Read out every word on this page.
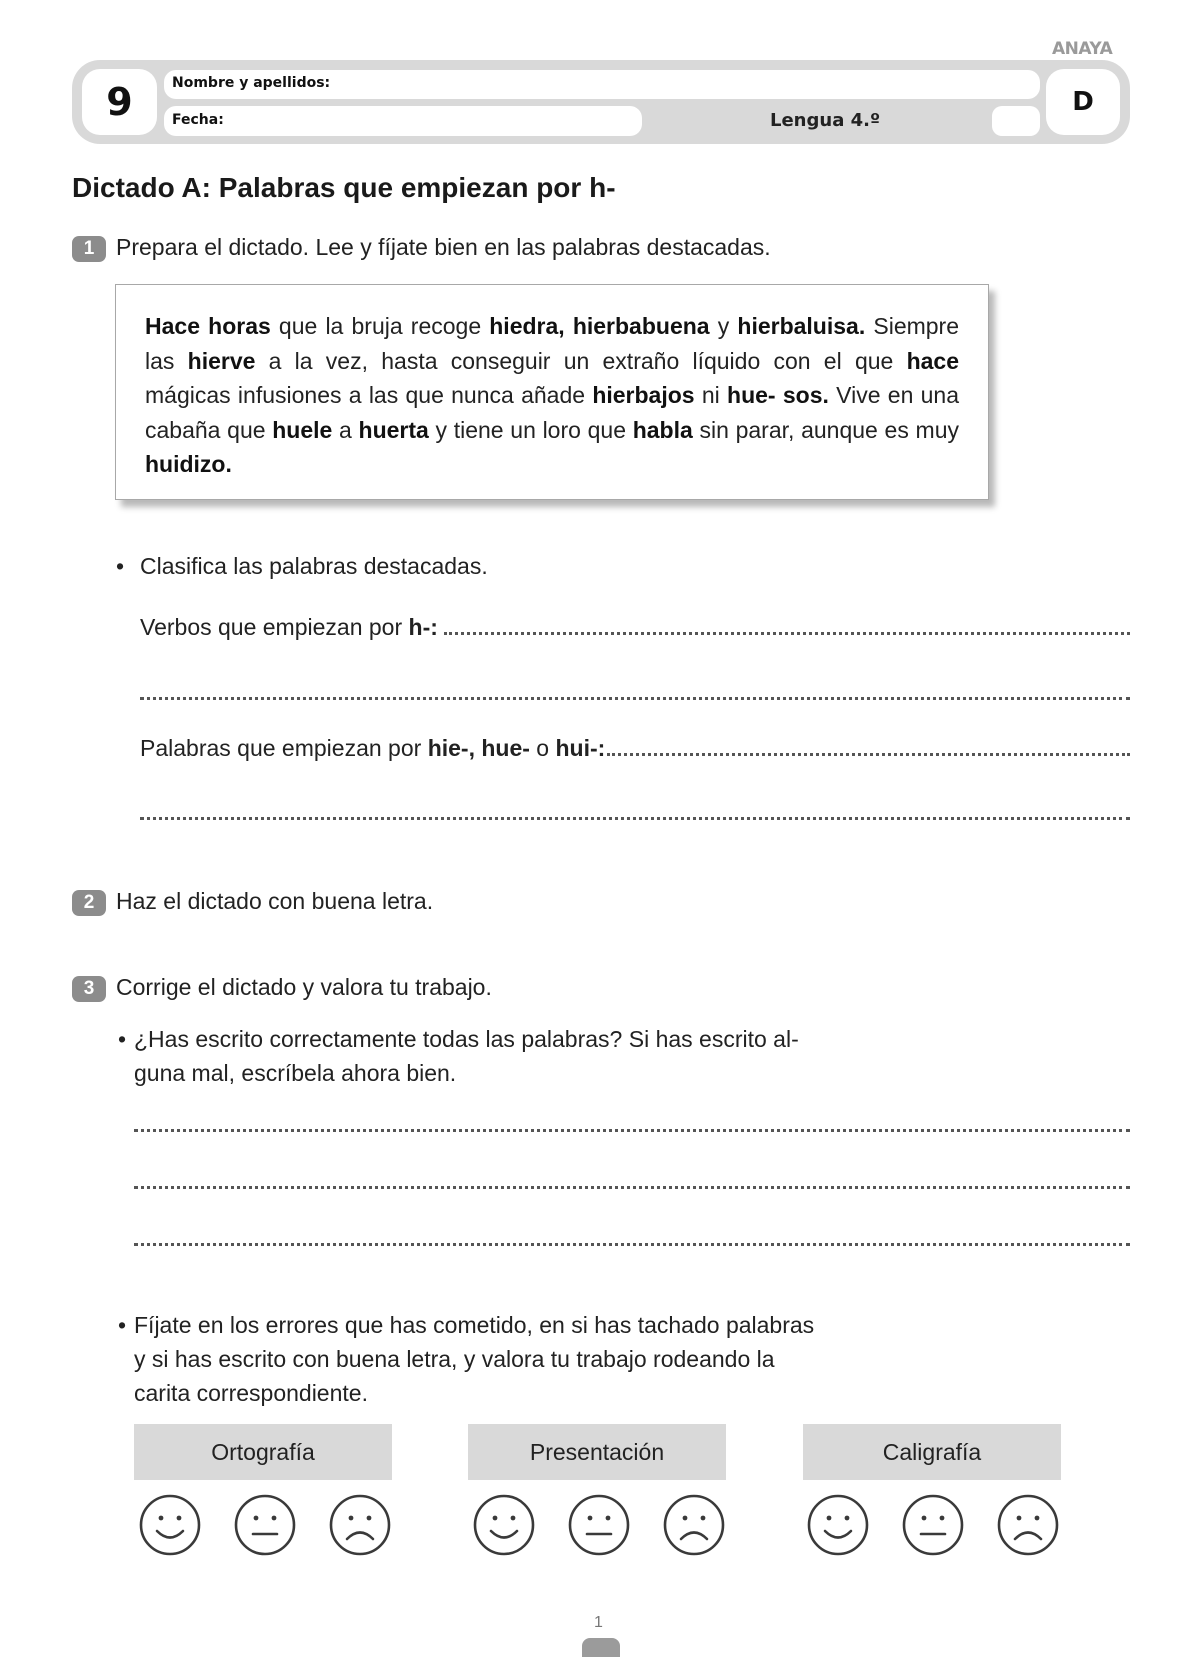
ANAYA
9	Nombre y apellidos:
Fecha:	Lengua 4.º
D
Dictado A: Palabras que empiezan por h-
1 Prepara el dictado. Lee y fíjate bien en las palabras destacadas.

Hace horas que la bruja recoge hiedra, hierbabuena y hierbaluisa. Siempre las hierve a la vez, hasta conseguir un extraño líquido con el que hace mágicas infusiones a las que nunca añade hierbajos ni hue- sos. Vive en una cabaña que huele a huerta y tiene un loro que habla sin parar, aunque es muy huidizo.

• Clasifica las palabras destacadas.
Verbos que empiezan por h-:
Palabras que empiezan por hie-, hue- o hui-:
2 Haz el dictado con buena letra.
3 Corrige el dictado y valora tu trabajo.
• ¿Has escrito correctamente todas las palabras? Si has escrito al-
guna mal, escríbela ahora bien.
• Fíjate en los errores que has cometido, en si has tachado palabras
y si has escrito con buena letra, y valora tu trabajo rodeando la
carita correspondiente.
Ortografía	Presentación	Caligrafía
1
